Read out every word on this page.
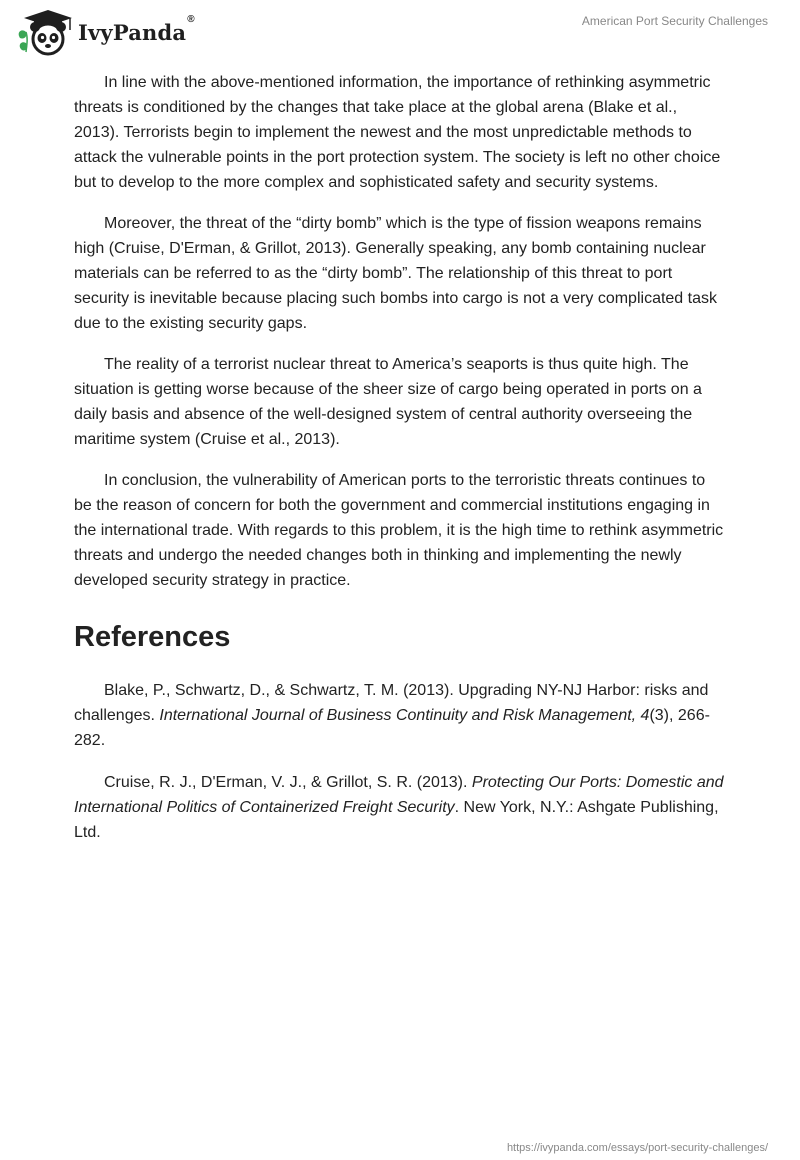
IvyPanda®	American Port Security Challenges

In line with the above-mentioned information, the importance of rethinking asymmetric threats is conditioned by the changes that take place at the global arena (Blake et al., 2013). Terrorists begin to implement the newest and the most unpredictable methods to attack the vulnerable points in the port protection system. The society is left no other choice but to develop to the more complex and sophisticated safety and security systems.

Moreover, the threat of the “dirty bomb” which is the type of fission weapons remains high (Cruise, D'Erman, & Grillot, 2013). Generally speaking, any bomb containing nuclear materials can be referred to as the “dirty bomb”. The relationship of this threat to port security is inevitable because placing such bombs into cargo is not a very complicated task due to the existing security gaps.

The reality of a terrorist nuclear threat to America’s seaports is thus quite high. The situation is getting worse because of the sheer size of cargo being operated in ports on a daily basis and absence of the well-designed system of central authority overseeing the maritime system (Cruise et al., 2013).

In conclusion, the vulnerability of American ports to the terroristic threats continues to be the reason of concern for both the government and commercial institutions engaging in the international trade. With regards to this problem, it is the high time to rethink asymmetric threats and undergo the needed changes both in thinking and implementing the newly developed security strategy in practice.

References

Blake, P., Schwartz, D., & Schwartz, T. M. (2013). Upgrading NY-NJ Harbor: risks and challenges. International Journal of Business Continuity and Risk Management, 4(3), 266-282.

Cruise, R. J., D'Erman, V. J., & Grillot, S. R. (2013). Protecting Our Ports: Domestic and International Politics of Containerized Freight Security. New York, N.Y.: Ashgate Publishing, Ltd.

https://ivypanda.com/essays/port-security-challenges/
